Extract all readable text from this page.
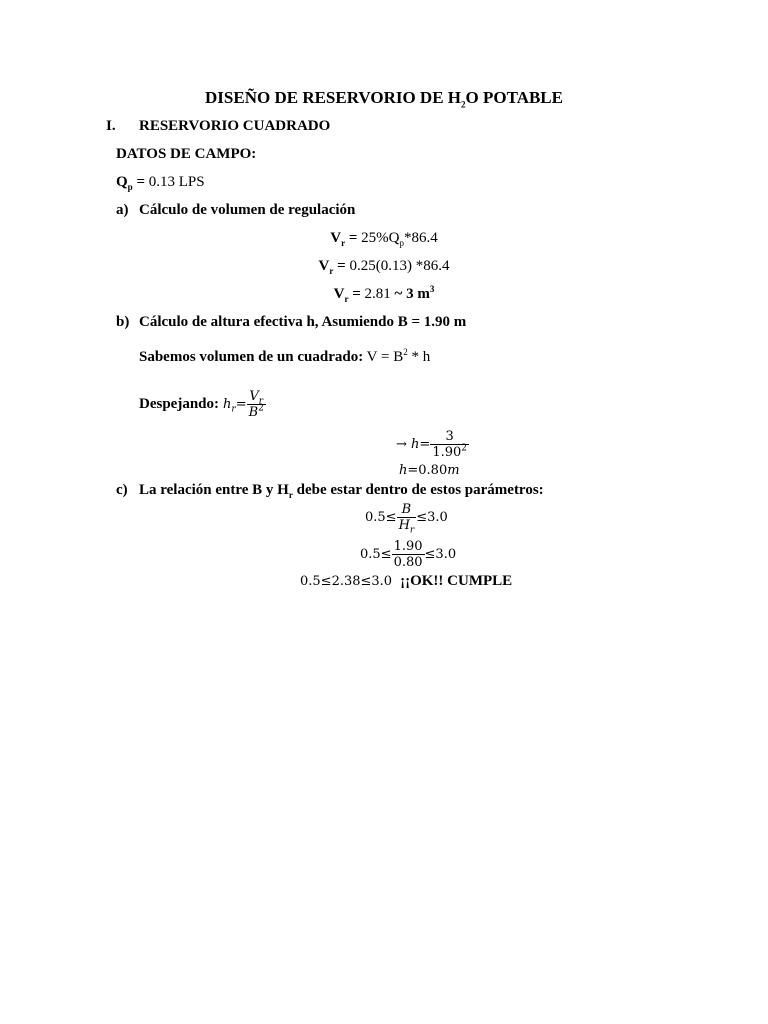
DISEÑO DE RESERVORIO DE $H_2O$ POTABLE
I. RESERVORIO CUADRADO
DATOS DE CAMPO:
$Q_p = 0.13$ LPS
a) Cálculo de volumen de regulación
$V_r = 25\%Q_p*86.4$
$V_r = 0.25(0.13)$ *86.4
$V_r = 2.81$ ~ 3 $m^3$
b) Cálculo de altura efectiva h, Asumiendo B = 1.90 m
Sabemos volumen de un cuadrado: $V = B^2 * h$
Despejando: $h_r= \frac{V_r}{B^2}$
→ $h= \frac{3}{1.90^2}$
h=0.80m
c) La relación entre B y $H_r$ debe estar dentro de estos parámetros:
$0.5\le \frac{B}{H_r} \le 3.0$
$0.5\le \frac{1.90}{0.80} \le 3.0$
0.5≤2.38≤3.0 ¡¡OK!! CUMPLE
